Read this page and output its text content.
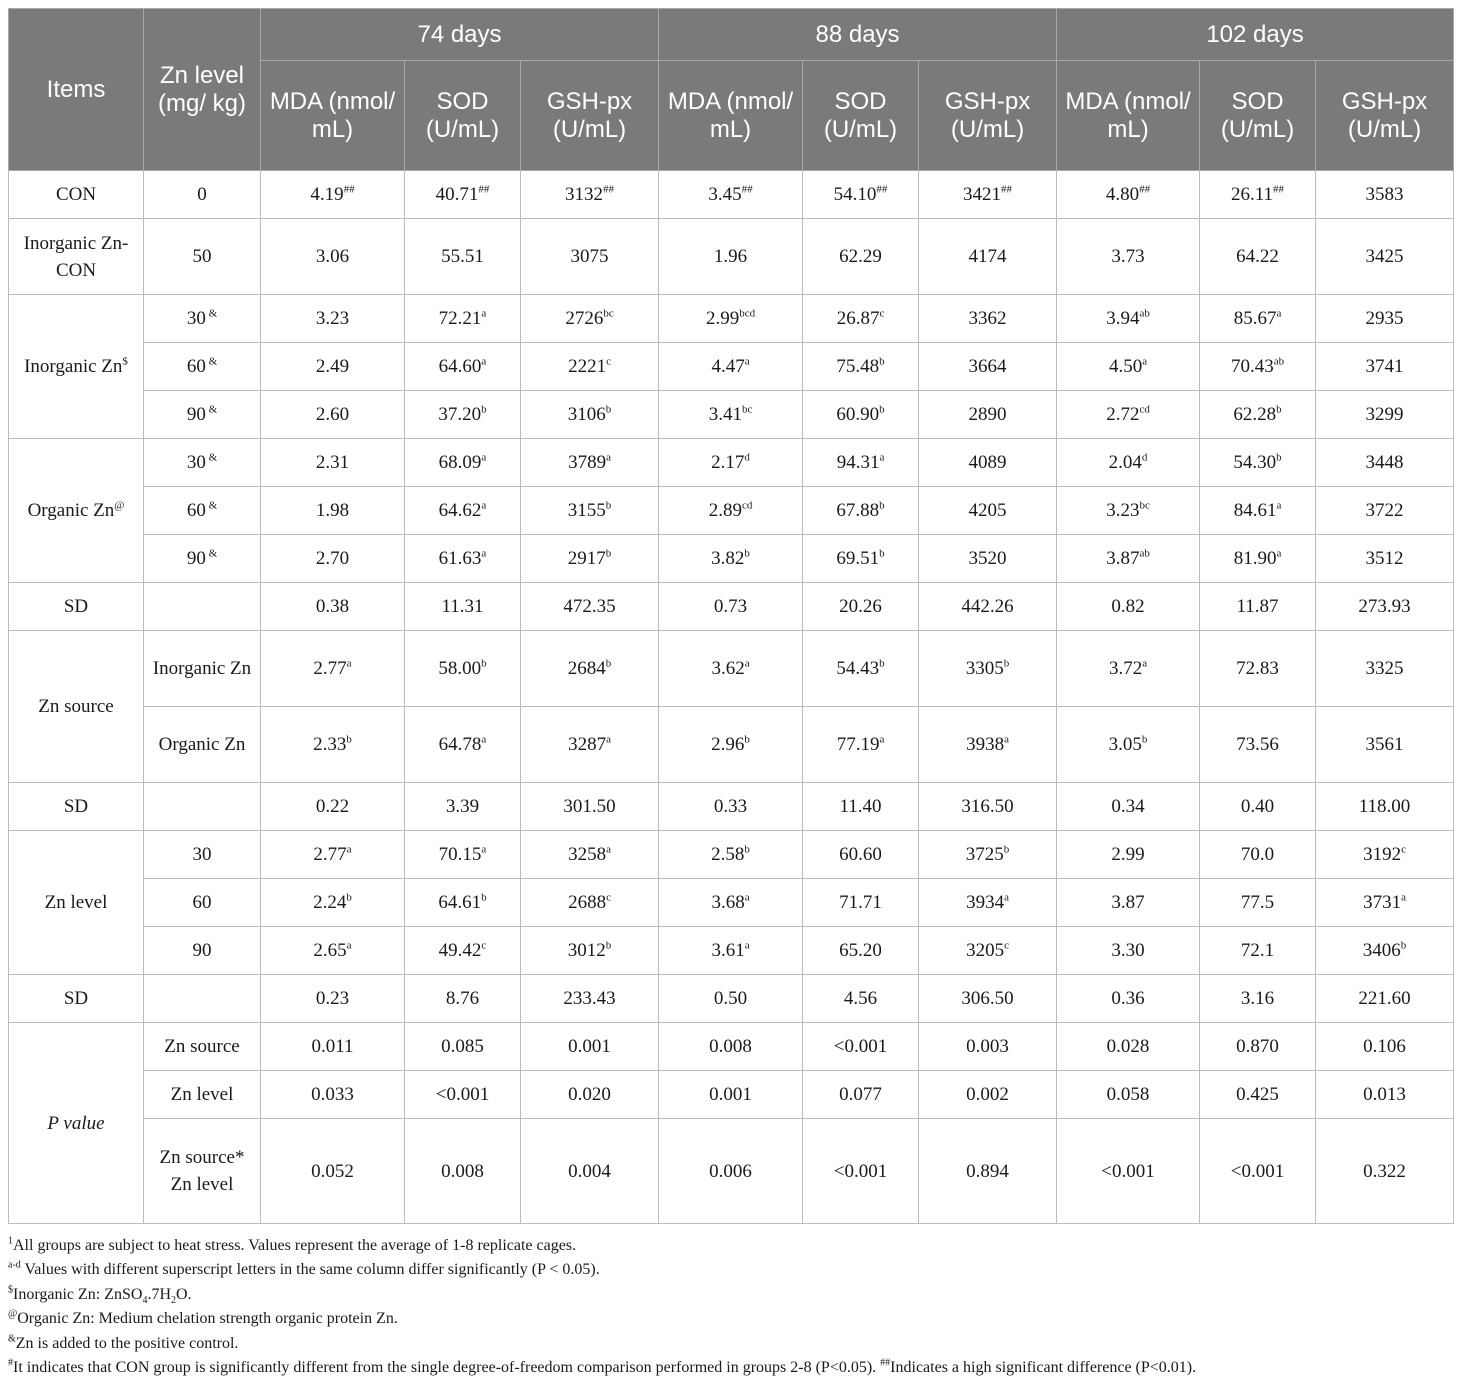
Items	Zn level (mg/ kg)	74 days			88 days			102 days		
		MDA (nmol/ mL)	SOD (U/mL)	GSH-px (U/mL)	MDA (nmol/ mL)	SOD (U/mL)	GSH-px (U/mL)	MDA (nmol/ mL)	SOD (U/mL)	GSH-px (U/mL)
CON	0	4.19##	40.71##	3132##	3.45##	54.10##	3421##	4.80##	26.11##	3583
Inorganic Zn- CON	50	3.06	55.51	3075	1.96	62.29	4174	3.73	64.22	3425
Inorganic Zn$	30 &	3.23	72.21$^a$	$2726^{bc}$	2.99$^{bcd}$	26.87$^c$	3362	3.94$^{ab}$	85.67$^a$	2935
	60 &	2.49	64.60$^a$	2221$^c$	4.47$^a$	75.48$^b$	3664	4.50$^a$	70.43$^{ab}$	3741
	90 &	2.60	37.20$^b$	3106$^b$	3.41$^{bc}$	60.90$^b$	2890	2.72$^{cd}$	62.28$^b$	3299
Organic Zn@	30 &	2.31	68.09$^a$	3789$^a$	2.17$^d$	94.31$^a$	4089	2.04$^d$	54.30$^b$	3448
	60 &	1.98	64.62$^a$	3155$^b$	2.89$^{cd}$	67.88$^b$	4205	3.23$^{bc}$	84.61$^a$	3722
	90 &	2.70	61.63$^a$	2917$^b$	3.82$^b$	69.51$^b$	3520	3.87$^{ab}$	81.90$^a$	3512
SD		0.38	11.31	472.35	0.73	20.26	442.26	0.82	11.87	273.93
Zn source	Inorganic Zn	2.77$^a$	58.00$^b$	2684$^b$	3.62$^a$	54.43$^b$	3305$^b$	3.72$^a$	72.83	3325
	Organic Zn	2.33$^b$	64.78$^a$	3287$^a$	2.96$^b$	77.19$^a$	3938$^a$	3.05$^b$	73.56	3561
SD		0.22	3.39	301.50	0.33	11.40	316.50	0.34	0.40	118.00
Zn level	30	2.77$^a$	70.15$^a$	3258$^a$	2.58$^b$	60.60	3725$^b$	2.99	70.0	3192$^c$
	60	2.24$^b$	64.61$^b$	2688$^c$	3.68$^a$	71.71	3934$^a$	3.87	77.5	3731$^a$
	90	2.65$^a$	49.42$^c$	3012$^b$	3.61$^a$	65.20	3205$^c$	3.30	72.1	3406$^b$
SD		0.23	8.76	233.43	0.50	4.56	306.50	0.36	3.16	221.60
P value	Zn source	0.011	0.085	0.001	0.008	<0.001	0.003	0.028	0.870	0.106
	Zn level	0.033	<0.001	0.020	0.001	0.077	0.002	0.058	0.425	0.013
	Zn source* Zn level	0.052	0.008	0.004	0.006	<0.001	0.894	<0.001	<0.001	0.322

$^1$All groups are subject to heat stress. Values represent the average of 1-8 replicate cages.

$^{a-d}$ Values with different superscript letters in the same column differ significantly (P < 0.05).

$Inorganic Zn: $ZnSO_4.7H_2O$.

@Organic Zn: Medium chelation strength organic protein Zn.

&Zn is added to the positive control.

#It indicates that CON group is significantly different from the single degree-of-freedom comparison performed in groups 2-8 (P<0.05). ##Indicates a high significant difference (P<0.01).
